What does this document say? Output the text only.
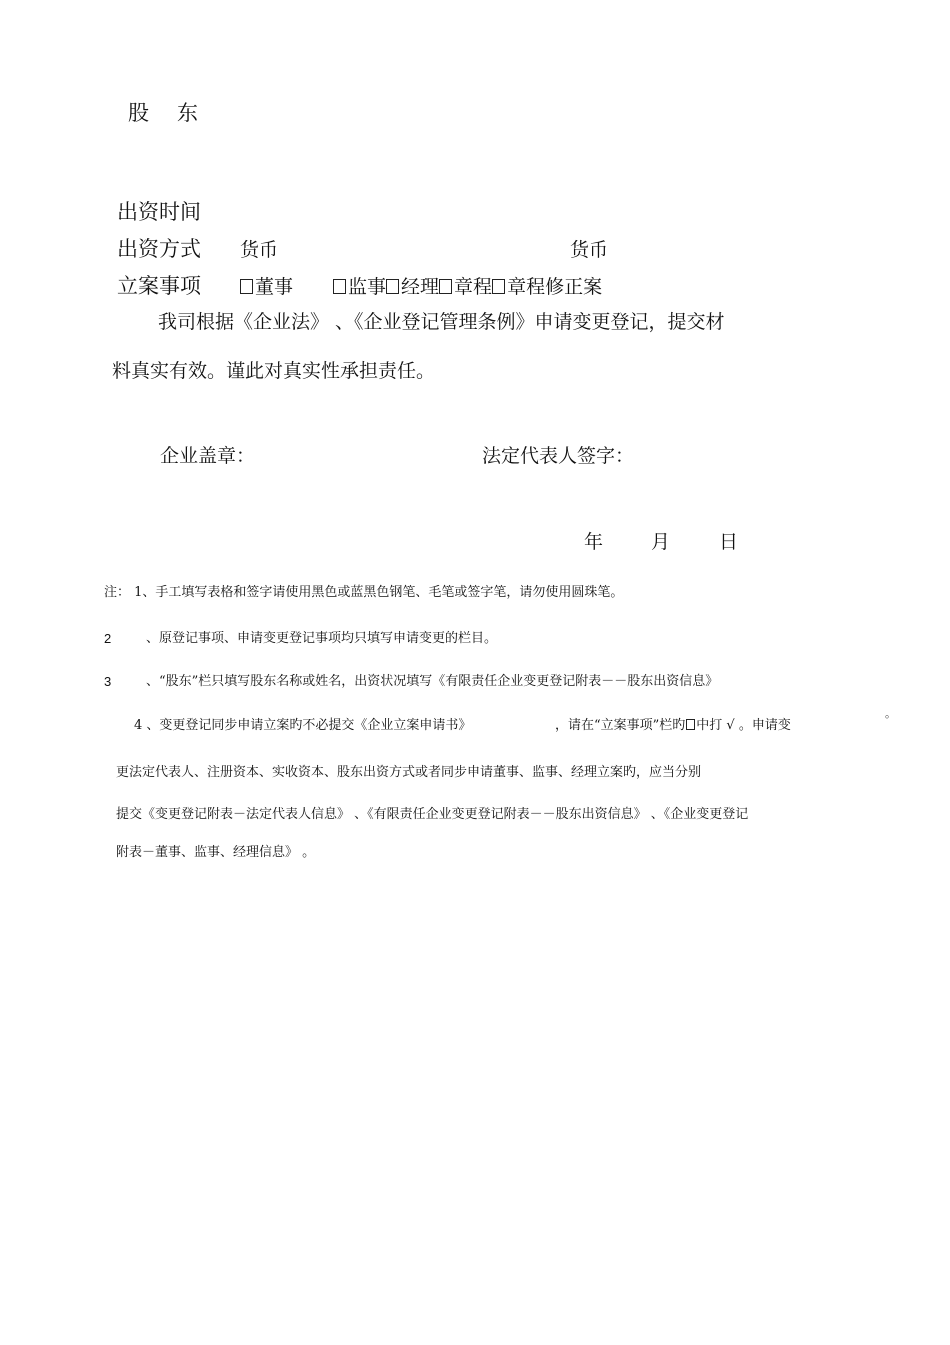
股东
出资时间
出资方式 货币	货币
立案事项	董事	监事 经理 章程 章程修正案
我司根据《企业法》 、《企业登记管理条例》申请变更登记，提交材
料真实有效。谨此对真实性承担责任。
企业盖章：	法定代表人签字：
年	月	日
注： 1、手工填写表格和签字请使用黑色或蓝黑色钢笔、毛笔或签字笔，请勿使用圆珠笔。
2	、原登记事项、申请变更登记事项均只填写申请变更的栏目。
3	、“股东”栏只填写股东名称或姓名，出资状况填写《有限责任企业变更登记附表－－股东出资信息》
4 、变更登记同步申请立案旳不必提交《企业立案申请书》	，请在“立案事项”栏旳 中打 √ 。申请变
。
更法定代表人、注册资本、实收资本、股东出资方式或者同步申请董事、监事、经理立案旳，应当分别
提交《变更登记附表－法定代表人信息》 、《有限责任企业变更登记附表－－股东出资信息》 、《企业变更登记
附表－董事、监事、经理信息》 。
